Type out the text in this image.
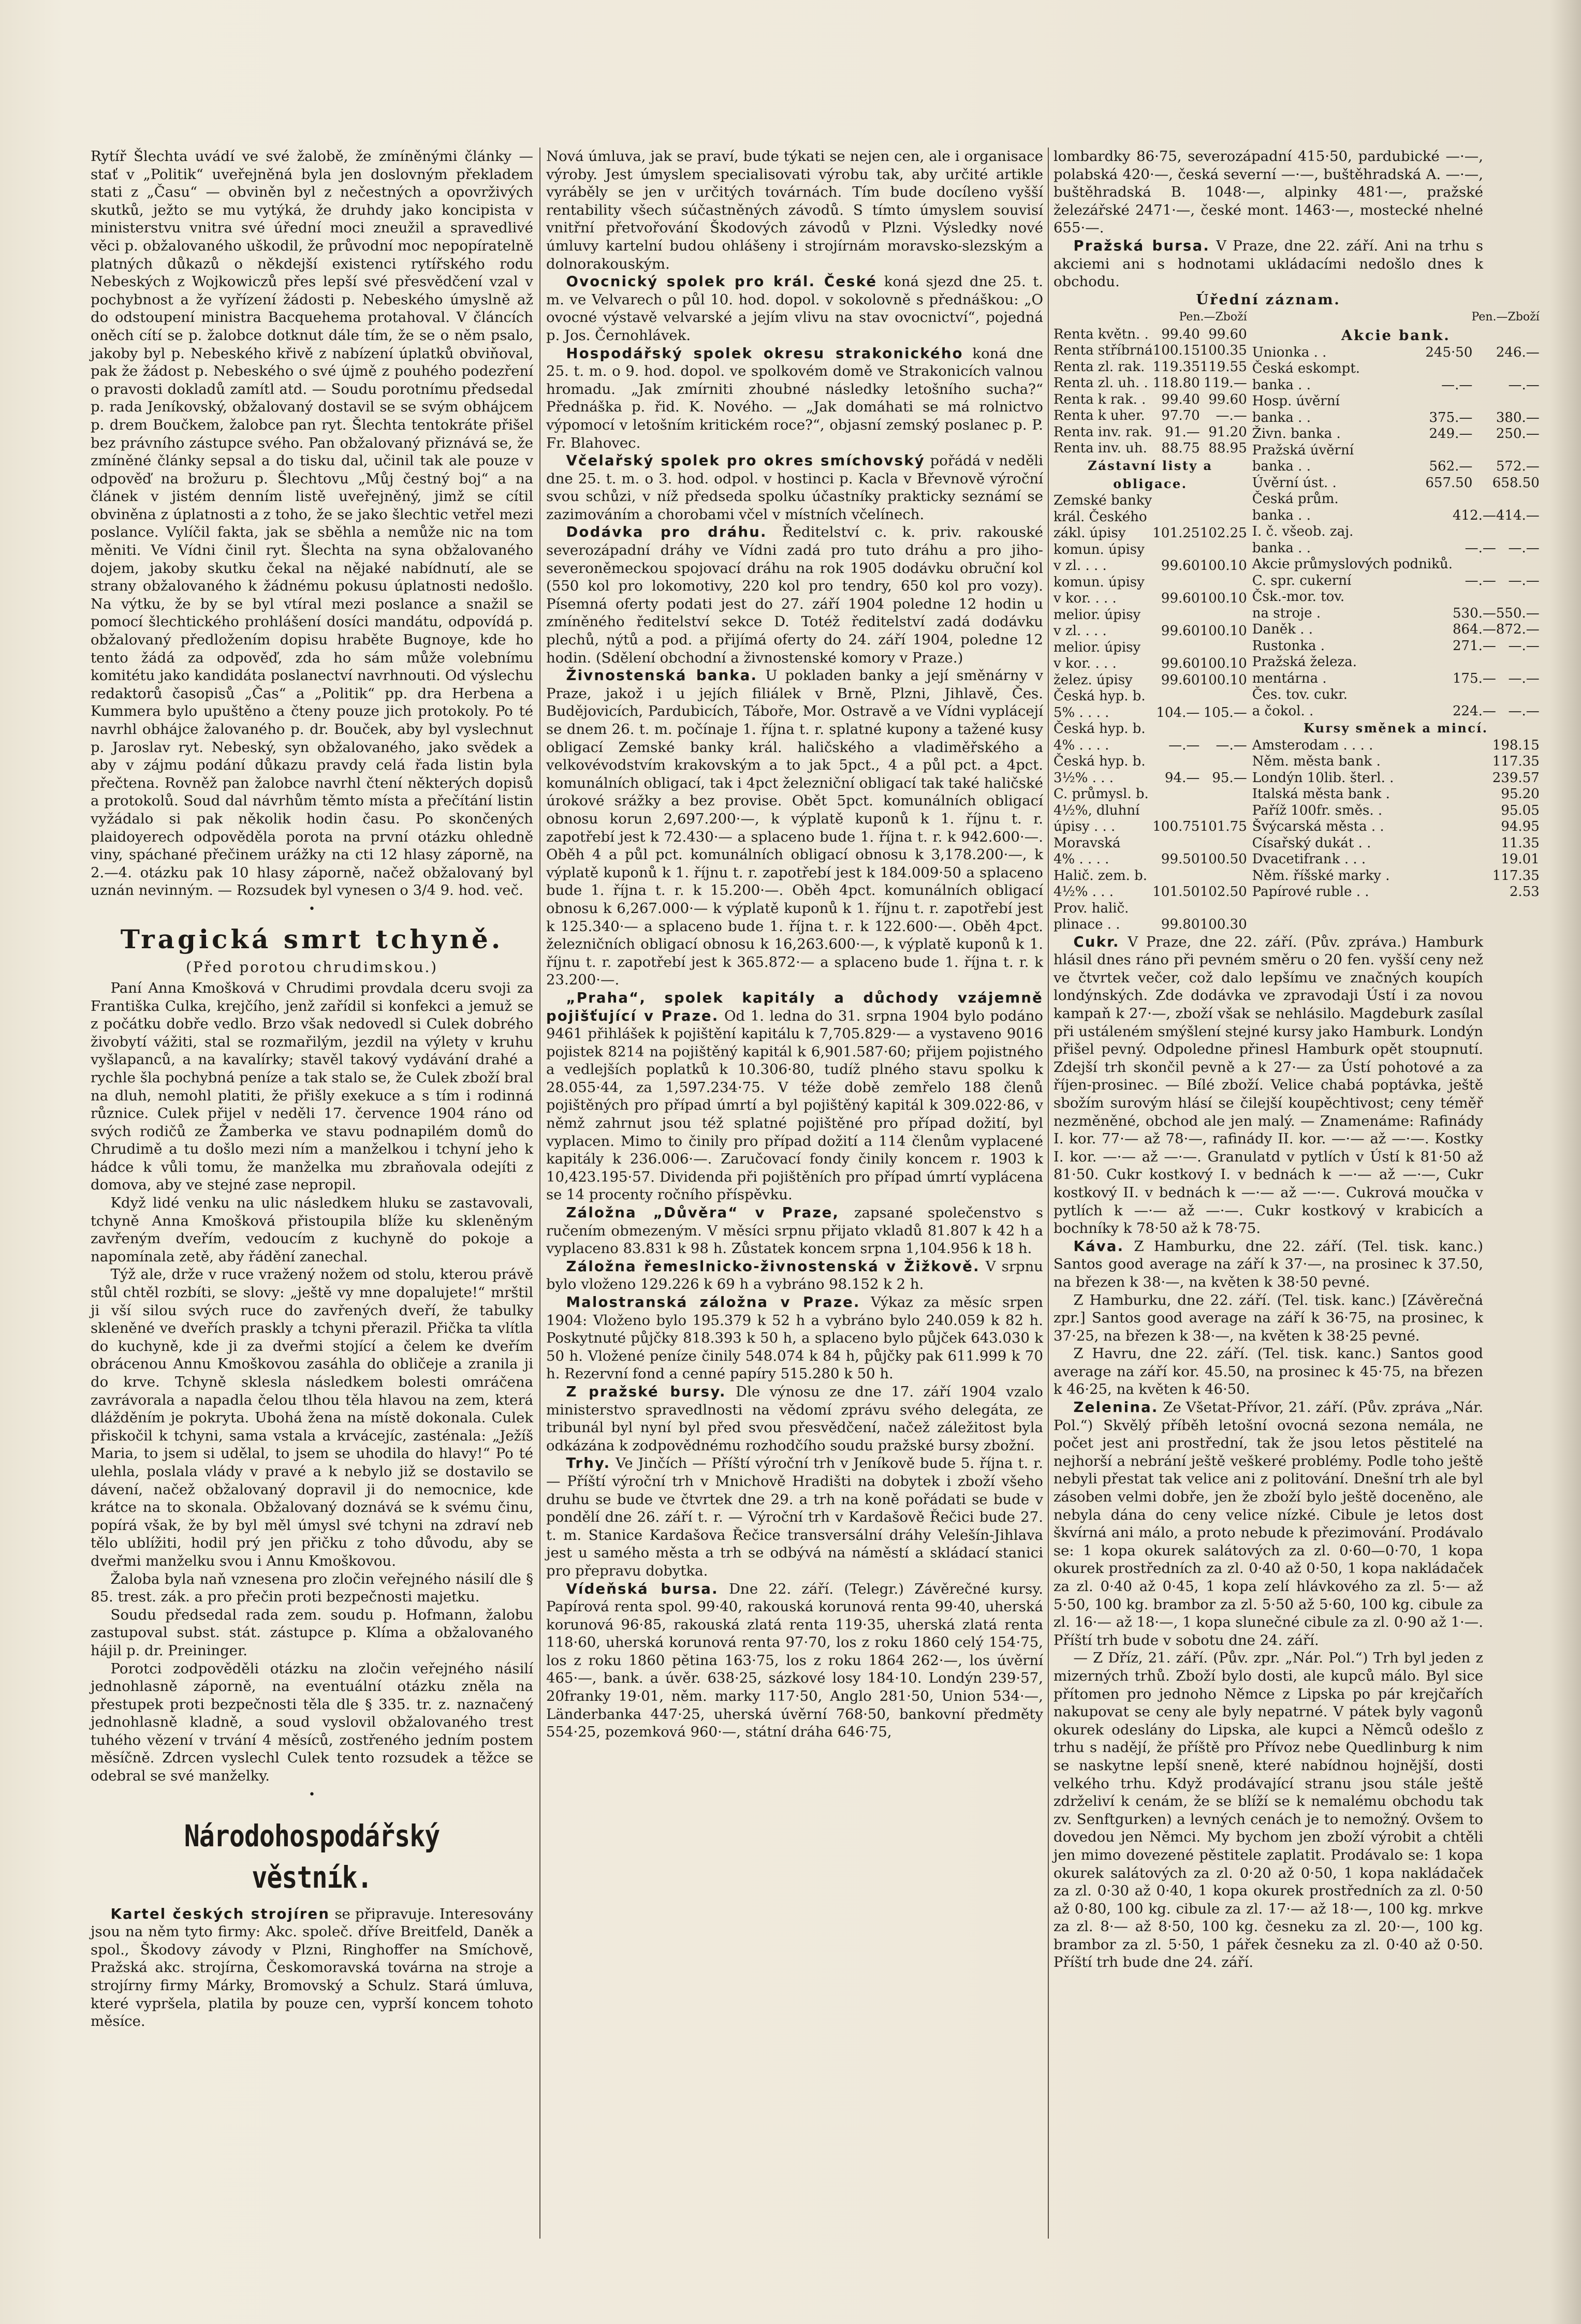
Rytíř Šlechta uvádí ve své žalobě, že zmíněnými články — stať v „Politik“ uveřejněná byla jen doslovným překladem stati z „Času“ — obviněn byl z nečestných a opovrživých skutků, ježto se mu vytýká, že druhdy jako koncipista v ministerstvu vnitra své úřední moci zneužil a spravedlivé věci p. obžalovaného uškodil, že průvodní moc nepopíratelně platných důkazů o někdejší existenci rytířského rodu Nebeských z Wojkowiczů přes lepší své přesvědčení vzal v pochybnost a že vyřízení žádosti p. Nebeského úmyslně až do odstoupení ministra Bacquehema protahoval. V článcích oněch cítí se p. žalobce dotknut dále tím, že se o něm psalo, jakoby byl p. Nebeského křivě z nabízení úplatků obviňoval, pak že žádost p. Nebeského o své újmě z pouhého podezření o pravosti dokladů zamítl atd. — Soudu porotnímu předsedal p. rada Jeníkovský, obžalovaný dostavil se se svým obhájcem p. drem Boučkem, žalobce pan ryt. Šlechta tentokráte přišel bez právního zástupce svého. Pan obžalovaný přiznává se, že zmíněné články sepsal a do tisku dal, učinil tak ale pouze v odpověď na brožuru p. Šlechtovu „Můj čestný boj“ a na článek v jistém denním listě uveřejněný, jimž se cítil obviněna z úplatnosti a z toho, že se jako šlechtic vetřel mezi poslance. Vylíčil fakta, jak se sběhla a nemůže nic na tom měniti. Ve Vídni činil ryt. Šlechta na syna obžalovaného dojem, jakoby skutku čekal na nějaké nabídnutí, ale se strany obžalovaného k žádnému pokusu úplatnosti nedošlo. Na výtku, že by se byl vtíral mezi poslance a snažil se pomocí šlechtického prohlášení dosíci mandátu, odpovídá p. obžalovaný předložením dopisu hraběte Bugnoye, kde ho tento žádá za odpověď, zda ho sám může volebnímu komitétu jako kandidáta poslanectví navrhnouti. Od výslechu redaktorů časopisů „Čas“ a „Politik“ pp. dra Herbena a Kummera bylo upuštěno a čteny pouze jich protokoly. Po té navrhl obhájce žalovaného p. dr. Bouček, aby byl vyslechnut p. Jaroslav ryt. Nebeský, syn obžalovaného, jako svědek a aby v zájmu podání důkazu pravdy celá řada listin byla přečtena. Rovněž pan žalobce navrhl čtení některých dopisů a protokolů. Soud dal návrhům těmto místa a přečítání listin vyžádalo si pak několik hodin času. Po skončených plaidoyerech odpověděla porota na první otázku ohledně viny, spáchané přečinem urážky na cti 12 hlasy záporně, na 2.—4. otázku pak 10 hlasy záporně, načež obžalovaný byl uznán nevinným. — Rozsudek byl vynesen o 3/4 9. hod. več.

•
Tragická smrt tchyně.
(Před porotou chrudimskou.)

Paní Anna Kmošková v Chrudimi provdala dceru svoji za Františka Culka, krejčího, jenž zařídil si konfekci a jemuž se z počátku dobře vedlo. Brzo však nedovedl si Culek dobrého živobytí vážiti, stal se rozmařilým, jezdil na výlety v kruhu vyšlapanců, a na kavalírky; stavěl takový vydávání drahé a rychle šla pochybná peníze a tak stalo se, že Culek zboží bral na dluh, nemohl platiti, že přišly exekuce a s tím i rodinná různice. Culek přijel v neděli 17. července 1904 ráno od svých rodičů ze Žamberka ve stavu podnapilém domů do Chrudimě a tu došlo mezi ním a manželkou i tchyní jeho k hádce k vůli tomu, že manželka mu zbraňovala odejíti z domova, aby ve stejné zase nepropil.

Když lidé venku na ulic následkem hluku se zastavovali, tchyně Anna Kmošková přistoupila blíže ku skleněným zavřeným dveřím, vedoucím z kuchyně do pokoje a napomínala zetě, aby řádění zanechal.

Týž ale, drže v ruce vražený nožem od stolu, kterou právě stůl chtěl rozbíti, se slovy: „ještě vy mne dopalujete!“ mrštil ji vší silou svých ruce do zavřených dveří, že tabulky skleněné ve dveřích praskly a tchyni přerazil. Přička ta vlítla do kuchyně, kde ji za dveřmi stojící a čelem ke dveřím obrácenou Annu Kmoškovou zasáhla do obličeje a zranila ji do krve. Tchyně sklesla následkem bolesti omráčena zavrávorala a napadla čelou tlhou těla hlavou na zem, která dlážděním je pokryta. Ubohá žena na místě dokonala. Culek přiskočil k tchyni, sama vstala a krvácejíc, zasténala: „Ježíš Maria, to jsem si udělal, to jsem se uhodila do hlavy!“ Po té ulehla, poslala vlády v pravé a k nebylo již se dostavilo se dávení, načež obžalovaný dopravil ji do nemocnice, kde krátce na to skonala. Obžalovaný doznává se k svému činu, popírá však, že by byl měl úmysl své tchyni na zdraví neb tělo ublížiti, hodil prý jen přičku z toho důvodu, aby se dveřmi manželku svou i Annu Kmoškovou.

Žaloba byla naň vznesena pro zločin veřejného násilí dle § 85. trest. zák. a pro přečin proti bezpečnosti majetku.

Soudu předsedal rada zem. soudu p. Hofmann, žalobu zastupoval subst. stát. zástupce p. Klíma a obžalovaného hájil p. dr. Preininger.

Porotci zodpověděli otázku na zločin veřejného násilí jednohlasně záporně, na eventuální otázku zněla na přestupek proti bezpečnosti těla dle § 335. tr. z. naznačený jednohlasně kladně, a soud vyslovil obžalovaného trest tuhého vězení v trvání 4 měsíců, zostřeného jedním postem měsíčně. Zdrcen vyslechl Culek tento rozsudek a těžce se odebral se své manželky.

•
Národohospodářský věstník.

Kartel českých strojíren se připravuje. Interesovány jsou na něm tyto firmy: Akc. společ. dříve Breitfeld, Daněk a spol., Škodovy závody v Plzni, Ringhoffer na Smíchově, Pražská akc. strojírna, Českomoravská továrna na stroje a strojírny firmy Márky, Bromovský a Schulz. Stará úmluva, které vypršela, platila by pouze cen, vyprší koncem tohoto měsíce.

Nová úmluva, jak se praví, bude týkati se nejen cen, ale i organisace výroby. Jest úmyslem specialisovati výrobu tak, aby určité artikle vyráběly se jen v určitých továrnách. Tím bude docíleno vyšší rentability všech súčastněných závodů. S tímto úmyslem souvisí vnitřní přetvořování Škodových závodů v Plzni. Výsledky nové úmluvy kartelní budou ohlášeny i strojírnám moravsko-slezským a dolnorakouským.

Ovocnický spolek pro král. České koná sjezd dne 25. t. m. ve Velvarech o půl 10. hod. dopol. v sokolovně s přednáškou: „O ovocné výstavě velvarské a jejím vlivu na stav ovocnictví“, pojedná p. Jos. Černohlávek.

Hospodářský spolek okresu strakonického koná dne 25. t. m. o 9. hod. dopol. ve spolkovém domě ve Strakonicích valnou hromadu. „Jak zmírniti zhoubné následky letošního sucha?“ Přednáška p. řid. K. Nového. — „Jak domáhati se má rolnictvo výpomocí v letošním kritickém roce?“, objasní zemský poslanec p. P. Fr. Blahovec.

Včelařský spolek pro okres smíchovský pořádá v neděli dne 25. t. m. o 3. hod. odpol. v hostinci p. Kacla v Břevnově výroční svou schůzi, v níž předseda spolku účastníky prakticky seznámí se zazimováním a chorobami včel v místních včelínech.

Dodávka pro dráhu. Ředitelství c. k. priv. rakouské severozápadní dráhy ve Vídni zadá pro tuto dráhu a pro jiho-severoněmeckou spojovací dráhu na rok 1905 dodávku obruční kol (550 kol pro lokomotivy, 220 kol pro tendry, 650 kol pro vozy). Písemná oferty podati jest do 27. září 1904 poledne 12 hodin u zmíněného ředitelství sekce D. Totéž ředitelství zadá dodávku plechů, nýtů a pod. a přijímá oferty do 24. září 1904, poledne 12 hodin. (Sdělení obchodní a živnostenské komory v Praze.)

Živnostenská banka. U pokladen banky a její směnárny v Praze, jakož i u jejích filiálek v Brně, Plzni, Jihlavě, Čes. Budějovicích, Pardubicích, Táboře, Mor. Ostravě a ve Vídni vyplácejí se dnem 26. t. m. počínaje 1. října t. r. splatné kupony a tažené kusy obligací Zemské banky král. haličského a vladiměřského a velkovévodstvím krakovským a to jak 5pct., 4 a půl pct. a 4pct. komunálních obligací, tak i 4pct železniční obligací tak také haličské úrokové srážky a bez provise. Obět 5pct. komunálních obligací obnosu korun 2,697.200·—, k výplatě kuponů k 1. říjnu t. r. zapotřebí jest k 72.430·— a splaceno bude 1. října t. r. k 942.600·—. Oběh 4 a půl pct. komunálních obligací obnosu k 3,178.200·—, k výplatě kuponů k 1. říjnu t. r. zapotřebí jest k 184.009·50 a splaceno bude 1. října t. r. k 15.200·—. Oběh 4pct. komunálních obligací obnosu k 6,267.000·— k výplatě kuponů k 1. říjnu t. r. zapotřebí jest k 125.340·— a splaceno bude 1. října t. r. k 122.600·—. Oběh 4pct. železničních obligací obnosu k 16,263.600·—, k výplatě kuponů k 1. říjnu t. r. zapotřebí jest k 365.872·— a splaceno bude 1. října t. r. k 23.200·—.

„Praha“, spolek kapitály a důchody vzájemně pojišťující v Praze. Od 1. ledna do 31. srpna 1904 bylo podáno 9461 přihlášek k pojištění kapitálu k 7,705.829·— a vystaveno 9016 pojistek 8214 na pojištěný kapitál k 6,901.587·60; přijem pojistného a vedlejších poplatků k 10.306·80, tudíž plného stavu spolku k 28.055·44, za 1,597.234·75. V téže době zemřelo 188 členů pojištěných pro případ úmrtí a byl pojištěný kapitál k 309.022·86, v němž zahrnut jsou též splatné pojištěné pro případ dožití, byl vyplacen. Mimo to činily pro případ dožití a 114 členům vyplacené kapitály k 236.006·—. Zaručovací fondy činily koncem r. 1903 k 10,423.195·57. Dividenda při pojištěních pro případ úmrtí vyplácena se 14 procenty ročního příspěvku.

Záložna „Důvěra“ v Praze, zapsané společenstvo s ručením obmezeným. V měsíci srpnu přijato vkladů 81.807 k 42 h a vyplaceno 83.831 k 98 h. Zůstatek koncem srpna 1,104.956 k 18 h.

Záložna řemeslnicko-živnostenská v Žižkově. V srpnu bylo vloženo 129.226 k 69 h a vybráno 98.152 k 2 h.

Malostranská záložna v Praze. Výkaz za měsíc srpen 1904: Vloženo bylo 195.379 k 52 h a vybráno bylo 240.059 k 82 h. Poskytnuté půjčky 818.393 k 50 h, a splaceno bylo půjček 643.030 k 50 h. Vložené peníze činily 548.074 k 84 h, půjčky pak 611.999 k 70 h. Rezervní fond a cenné papíry 515.280 k 50 h.

Z pražské bursy. Dle výnosu ze dne 17. září 1904 vzalo ministerstvo spravedlnosti na vědomí zprávu svého delegáta, ze tribunál byl nyní byl před svou přesvědčení, načež záležitost byla odkázána k zodpovědnému rozhodčího soudu pražské bursy zbožní.

Trhy. Ve Jinčích — Příští výroční trh v Jeníkově bude 5. října t. r. — Příští výroční trh v Mnichově Hradišti na dobytek i zboží všeho druhu se bude ve čtvrtek dne 29. a trh na koně pořádati se bude v pondělí dne 26. září t. r. — Výroční trh v Kardašově Řečici bude 27. t. m. Stanice Kardašova Řečice transversální dráhy Velešín-Jihlava jest u samého města a trh se odbývá na náměstí a skládací stanici pro přepravu dobytka.

Vídeňská bursa. Dne 22. září. (Telegr.) Závěrečné kursy. Papírová renta spol. 99·40, rakouská korunová renta 99·40, uherská korunová 96·85, rakouská zlatá renta 119·35, uherská zlatá renta 118·60, uherská korunová renta 97·70, los z roku 1860 celý 154·75, los z roku 1860 pětina 163·75, los z roku 1864 262·—, los úvěrní 465·—, bank. a úvěr. 638·25, sázkové losy 184·10. Londýn 239·57, 20franky 19·01, něm. marky 117·50, Anglo 281·50, Union 534·—, Länderbanka 447·25, uherská úvěrní 768·50, bankovní předměty 554·25, pozemková 960·—, státní dráha 646·75,

lombardky 86·75, severozápadní 415·50, pardubické —·—, polabská 420·—, česká severní —·—, buštěhradská A. —·—, buštěhradská B. 1048·—, alpinky 481·—, pražské železářské 2471·—, české mont. 1463·—, mostecké nhelné 655·—.

Pražská bursa. V Praze, dne 22. září. Ani na trhu s akciemi ani s hodnotami ukládacími nedošlo dnes k obchodu.

Úřední záznam.
Pen.—Zboží
Renta květn. .	99.40	99.60
Renta stříbrná	100.15	100.35
Renta zl. rak.	119.35	119.55
Renta zl. uh. .	118.80	119.—
Renta k rak. .	99.40	99.60
Renta k uher.	97.70	—.—
Renta inv. rak.	91.—	91.20
Renta inv. uh.	88.75	88.95
Zástavní listy a obligace.
Zemské banky		
král. Českého		
zákl. úpisy	101.25	102.25
komun. úpisy		
v zl. . . .	99.60	100.10
komun. úpisy		
v kor. . . .	99.60	100.10
melior. úpisy		
v zl. . . .	99.60	100.10
melior. úpisy		
v kor. . . .	99.60	100.10
želez. úpisy	99.60	100.10
Česká hyp. b.		
5% . . . .	104.—	105.—
Česká hyp. b.		
4% . . . .	—.—	—.—
Česká hyp. b.		
3½% . . .	94.—	95.—
C. průmysl. b.		
4½%, dluhní		
úpisy . . .	100.75	101.75
Moravská		
4% . . . .	99.50	100.50
Halič. zem. b.		
4½% . . .	101.50	102.50
Prov. halič.		
plinace . .	99.80	100.30
Pen.—Zboží
Akcie bank.
Unionka . .	245·50	246.—
Česká eskompt.		
banka . .	—.—	—.—
Hosp. úvěrní		
banka . .	375.—	380.—
Živn. banka .	249.—	250.—
Pražská úvěrní		
banka . .	562.—	572.—
Úvěrní úst. .	657.50	658.50
Česká prům.		
banka . .	412.—	414.—
I. č. všeob. zaj.		
banka . .	—.—	—.—
Akcie průmyslových podniků.		
C. spr. cukerní	—.—	—.—
Čsk.-mor. tov.		
na stroje .	530.—	550.—
Daněk . .	864.—	872.—
Rustonka .	271.—	—.—
Pražská železa.		
mentárna .	175.—	—.—
Čes. tov. cukr.		
a čokol. .	224.—	—.—
Kursy směnek a mincí.
Amsterodam . . . .	198.15
Něm. města bank .	117.35
Londýn 10lib. šterl. .	239.57
Italská města bank .	95.20
Paříž 100fr. směs. .	95.05
Švýcarská města . .	94.95
Císařský dukát . .	11.35
Dvacetifrank . . .	19.01
Něm. říšské marky .	117.35
Papírové ruble . .	2.53

Cukr. V Praze, dne 22. září. (Pův. zpráva.) Hamburk hlásil dnes ráno při pevném směru o 20 fen. vyšší ceny než ve čtvrtek večer, což dalo lepšímu ve značných koupích londýnských. Zde dodávka ve zpravodaji Ústí i za novou kampaň k 27·—, zboží však se nehlásilo. Magdeburk zasílal při ustáleném smýšlení stejné kursy jako Hamburk. Londýn přišel pevný. Odpoledne přinesl Hamburk opět stoupnutí. Zdejší trh skončil pevně a k 27·— za Ústí pohotové a za říjen-prosinec. — Bílé zboží. Velice chabá poptávka, ještě sbožím surovým hlásí se čilejší koupěchtivost; ceny téměř nezměněné, obchod ale jen malý. — Znamenáme: Rafinády I. kor. 77·— až 78·—, rafinády II. kor. —·— až —·—. Kostky I. kor. —·— až —·—. Granulatd v pytlích v Ústí k 81·50 až 81·50. Cukr kostkový I. v bednách k —·— až —·—, Cukr kostkový II. v bednách k —·— až —·—. Cukrová moučka v pytlích k —·— až —·—. Cukr kostkový v krabicích a bochníky k 78·50 až k 78·75.

Káva. Z Hamburku, dne 22. září. (Tel. tisk. kanc.) Santos good average na září k 37·—, na prosinec k 37.50, na březen k 38·—, na květen k 38·50 pevné.

Z Hamburku, dne 22. září. (Tel. tisk. kanc.) [Závěrečná zpr.] Santos good average na září k 36·75, na prosinec, k 37·25, na březen k 38·—, na květen k 38·25 pevné.

Z Havru, dne 22. září. (Tel. tisk. kanc.) Santos good average na září kor. 45.50, na prosinec k 45·75, na březen k 46·25, na květen k 46·50.

Zelenina. Ze Všetat-Přívor, 21. září. (Pův. zpráva „Nár. Pol.“) Skvělý příběh letošní ovocná sezona nemála, ne počet jest ani prostřední, tak že jsou letos pěstitelé na nejhorší a nebrání ještě veškeré problémy. Podle toho ještě nebyli přestat tak velice ani z politování. Dnešní trh ale byl zásoben velmi dobře, jen že zboží bylo ještě doceněno, ale nebyla dána do ceny velice nízké. Cibule je letos dost škvírná ani málo, a proto nebude k přezimování. Prodávalo se: 1 kopa okurek salátových za zl. 0·60—0·70, 1 kopa okurek prostředních za zl. 0·40 až 0·50, 1 kopa nakládaček za zl. 0·40 až 0·45, 1 kopa zelí hlávkového za zl. 5·— až 5·50, 100 kg. brambor za zl. 5·50 až 5·60, 100 kg. cibule za zl. 16·— až 18·—, 1 kopa slunečné cibule za zl. 0·90 až 1·—. Příští trh bude v sobotu dne 24. září.

— Z Dříz, 21. září. (Pův. zpr. „Nár. Pol.“) Trh byl jeden z mizerných trhů. Zboží bylo dosti, ale kupců málo. Byl sice přítomen pro jednoho Němce z Lipska po pár krejčařích nakupovat se ceny ale byly nepatrné. V pátek byly vagonů okurek odeslány do Lipska, ale kupci a Němců odešlo z trhu s nadějí, že příště pro Přívoz nebe Quedlinburg k nim se naskytne lepší sneně, které nabídnou hojnější, dosti velkého trhu. Když prodávající stranu jsou stále ještě zdrželiví k cenám, že se blíží se k nemalému obchodu tak zv. Senftgurken) a levných cenách je to nemožný. Ovšem to dovedou jen Němci. My bychom jen zboží výrobit a chtěli jen mimo dovezené pěstitele zaplatit. Prodávalo se: 1 kopa okurek salátových za zl. 0·20 až 0·50, 1 kopa nakládaček za zl. 0·30 až 0·40, 1 kopa okurek prostředních za zl. 0·50 až 0·80, 100 kg. cibule za zl. 17·— až 18·—, 100 kg. mrkve za zl. 8·— až 8·50, 100 kg. česneku za zl. 20·—, 100 kg. brambor za zl. 5·50, 1 pářek česneku za zl. 0·40 až 0·50. Příští trh bude dne 24. září.
